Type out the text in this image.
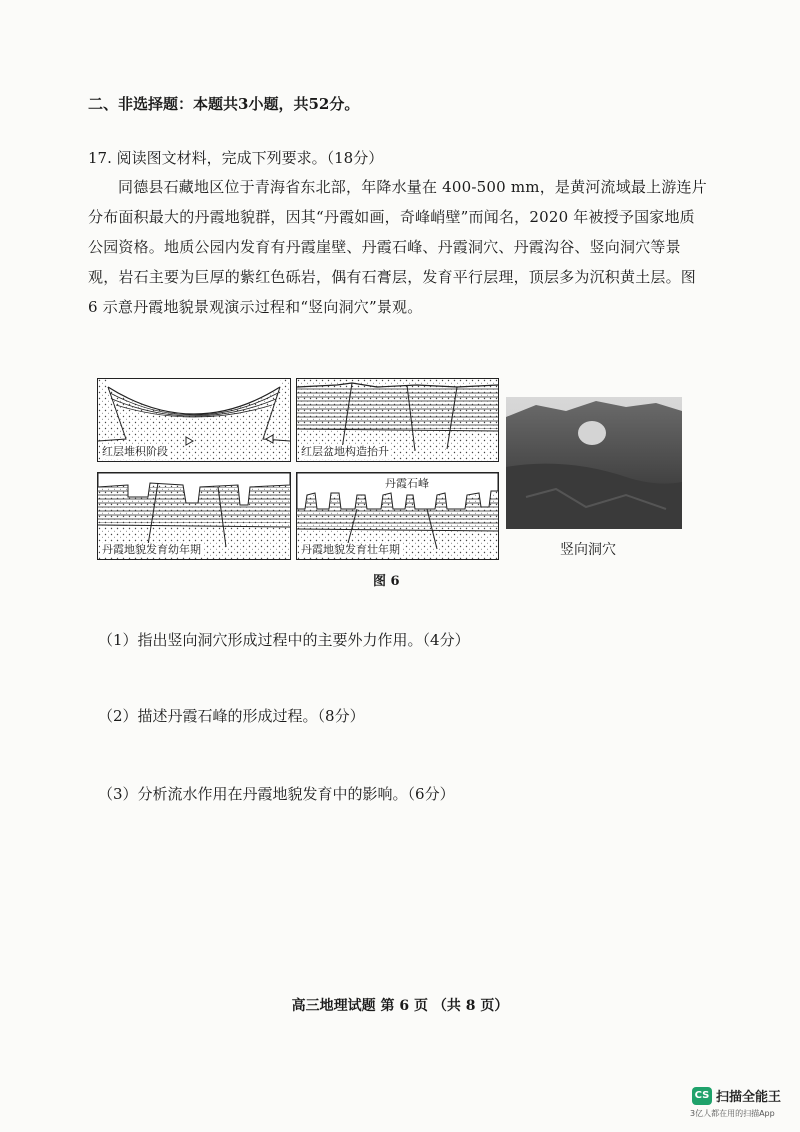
二、非选择题：本题共3小题，共52分。
17. 阅读图文材料，完成下列要求。（18分）
同德县石藏地区位于青海省东北部，年降水量在 400-500 mm，是黄河流域最上游连片分布面积最大的丹霞地貌群，因其“丹霞如画，奇峰峭壁”而闻名，2020 年被授予国家地质公园资格。地质公园内发育有丹霞崖壁、丹霞石峰、丹霞洞穴、丹霞沟谷、竖向洞穴等景观，岩石主要为巨厚的紫红色砾岩，偶有石膏层，发育平行层理，顶层多为沉积黄土层。图 6 示意丹霞地貌景观演示过程和“竖向洞穴”景观。
红层堆积阶段	红层盆地构造抬升
丹霞地貌发育幼年期
丹霞石峰
丹霞地貌发育壮年期	竖向洞穴
图 6
（1）指出竖向洞穴形成过程中的主要外力作用。（4分）
（2）描述丹霞石峰的形成过程。（8分）
（3）分析流水作用在丹霞地貌发育中的影响。（6分）
高三地理试题 第 6 页 （共 8 页）
CS 扫描全能王
3亿人都在用的扫描App
